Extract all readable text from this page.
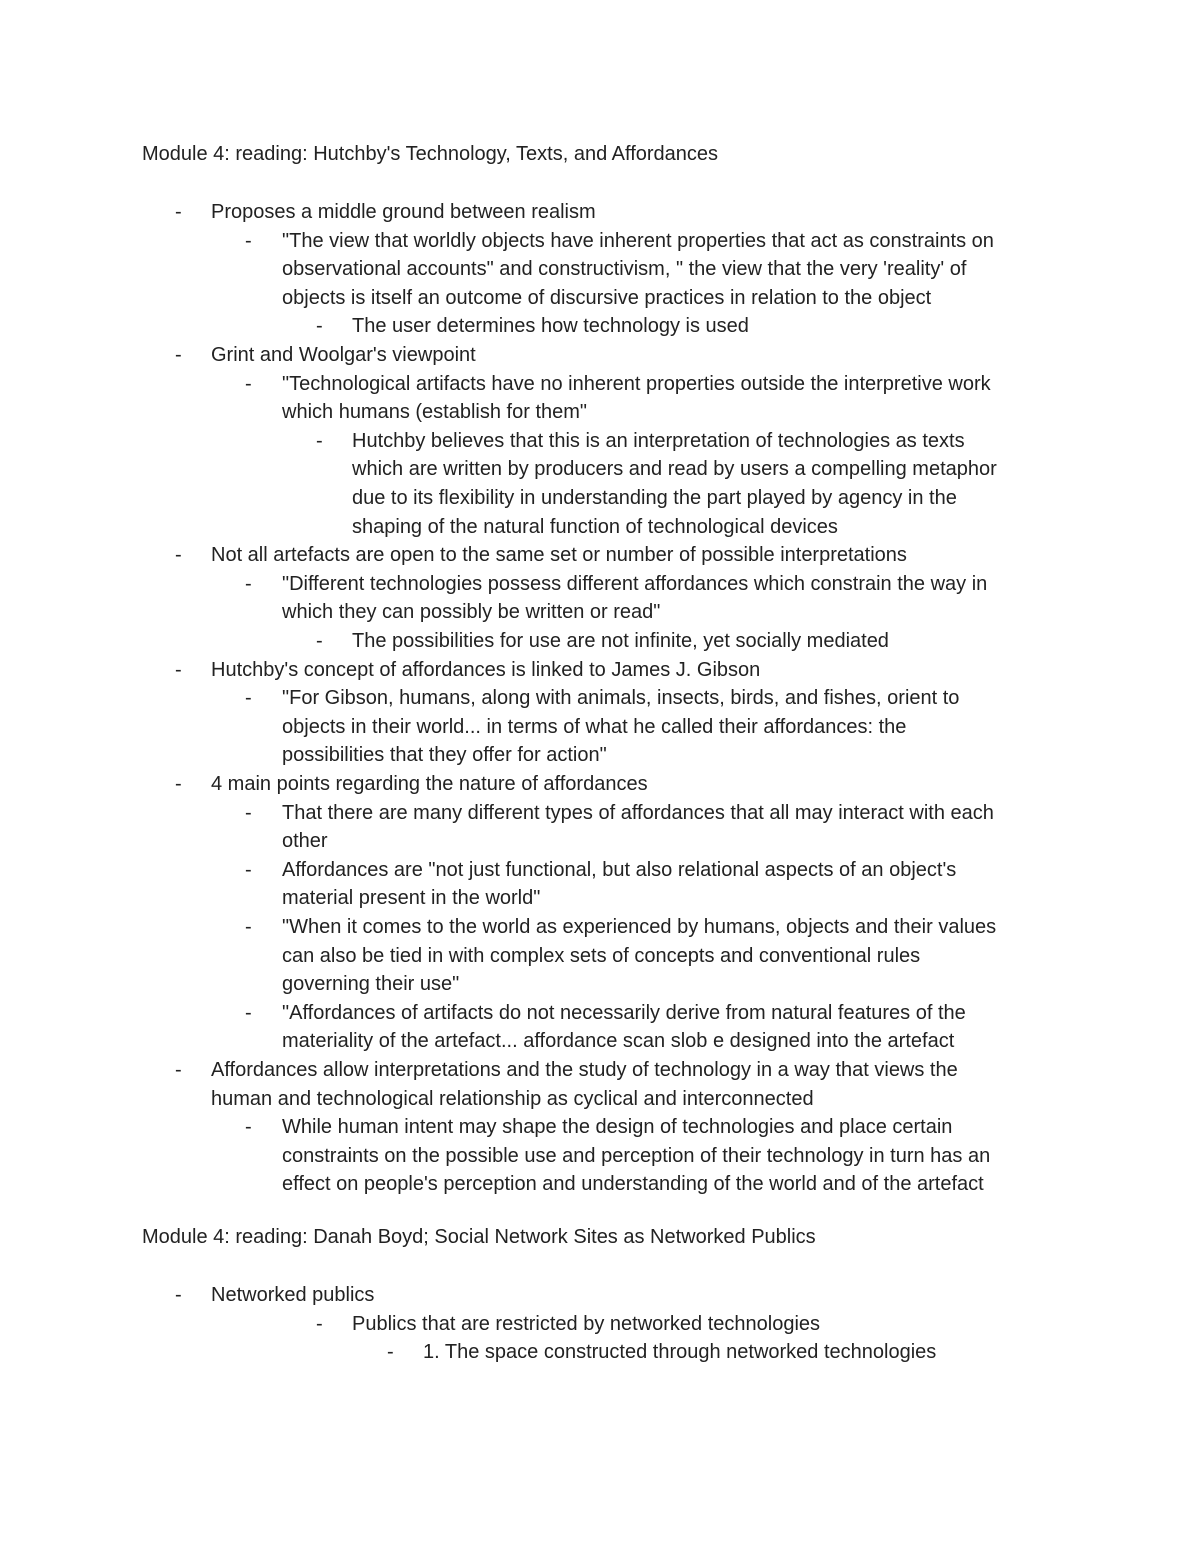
Module 4: reading: Hutchby's Technology, Texts, and Affordances
- Proposes a middle ground between realism
- "The view that worldly objects have inherent properties that act as constraints on
observational accounts" and constructivism, " the view that the very 'reality' of
objects is itself an outcome of discursive practices in relation to the object
- The user determines how technology is used
- Grint and Woolgar's viewpoint
- "Technological artifacts have no inherent properties outside the interpretive work
which humans (establish for them"
- Hutchby believes that this is an interpretation of technologies as texts
which are written by producers and read by users a compelling metaphor
due to its flexibility in understanding the part played by agency in the
shaping of the natural function of technological devices
- Not all artefacts are open to the same set or number of possible interpretations
- "Different technologies possess different affordances which constrain the way in
which they can possibly be written or read"
- The possibilities for use are not infinite, yet socially mediated
- Hutchby's concept of affordances is linked to James J. Gibson
- "For Gibson, humans, along with animals, insects, birds, and fishes, orient to
objects in their world... in terms of what he called their affordances: the
possibilities that they offer for action"
- 4 main points regarding the nature of affordances
- That there are many different types of affordances that all may interact with each
other
- Affordances are "not just functional, but also relational aspects of an object's
material present in the world"
- "When it comes to the world as experienced by humans, objects and their values
can also be tied in with complex sets of concepts and conventional rules
governing their use"
- "Affordances of artifacts do not necessarily derive from natural features of the
materiality of the artefact... affordance scan slob e designed into the artefact
- Affordances allow interpretations and the study of technology in a way that views the
human and technological relationship as cyclical and interconnected
- While human intent may shape the design of technologies and place certain
constraints on the possible use and perception of their technology in turn has an
effect on people's perception and understanding of the world and of the artefact
Module 4: reading: Danah Boyd; Social Network Sites as Networked Publics
- Networked publics
- Publics that are restricted by networked technologies
- 1. The space constructed through networked technologies
